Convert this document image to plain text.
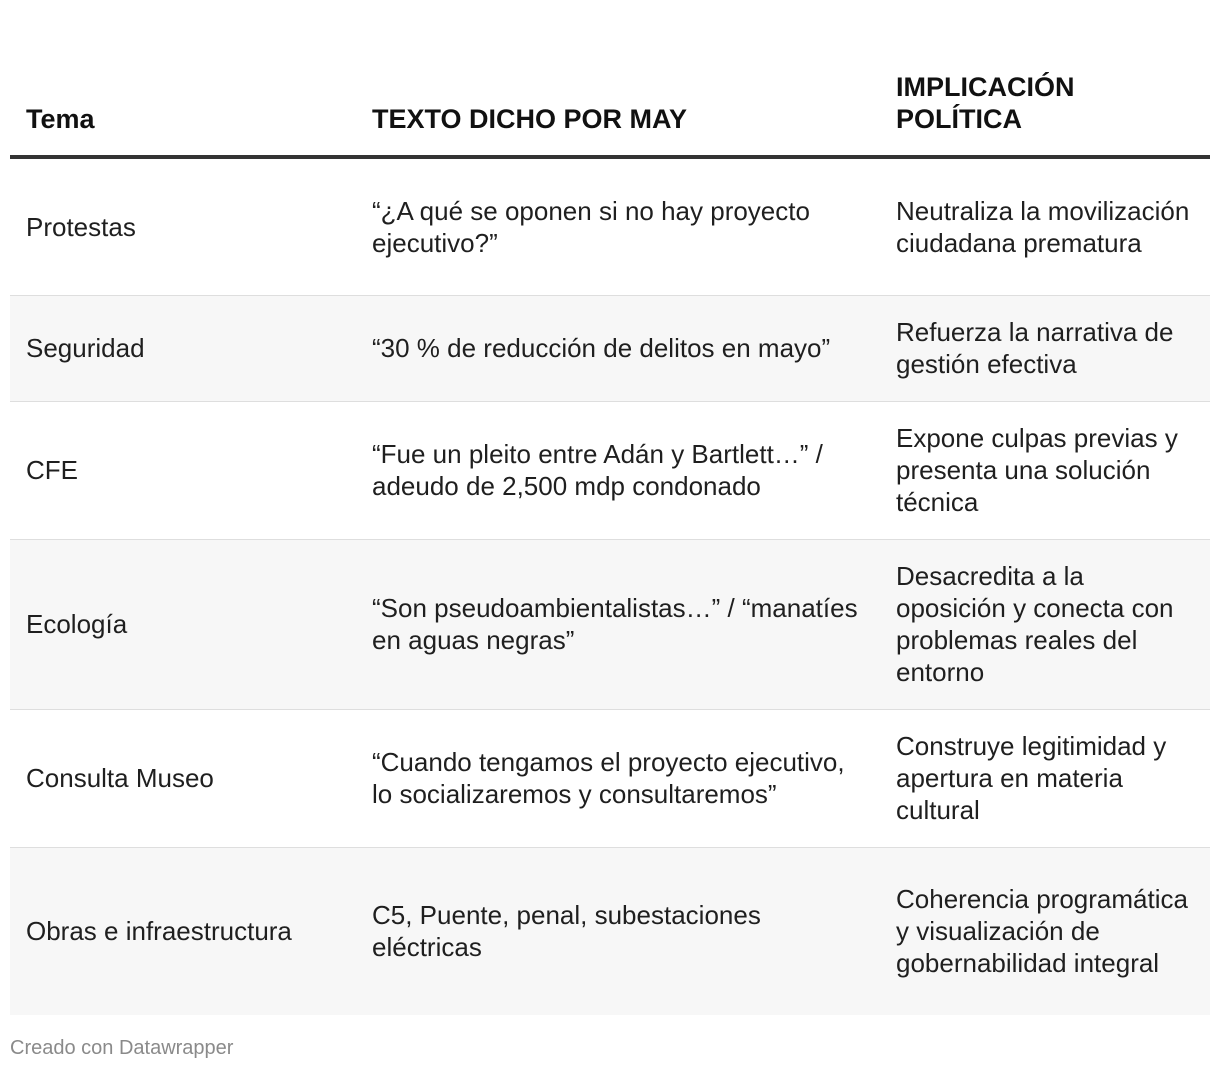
Tema	TEXTO DICHO POR MAY	IMPLICACIÓN POLÍTICA
Protestas	“¿A qué se oponen si no hay proyecto ejecutivo?”	Neutraliza la movilización ciudadana prematura
Seguridad	“30 % de reducción de delitos en mayo”	Refuerza la narrativa de gestión efectiva
CFE	“Fue un pleito entre Adán y Bartlett…” / adeudo de 2,500 mdp condonado	Expone culpas previas y presenta una solución técnica
Ecología	“Son pseudoambientalistas…” / “manatíes en aguas negras”	Desacredita a la oposición y conecta con problemas reales del entorno
Consulta Museo	“Cuando tengamos el proyecto ejecutivo, lo socializaremos y consultaremos”	Construye legitimidad y apertura en materia cultural
Obras e infraestructura	C5, Puente, penal, subestaciones eléctricas	Coherencia programática y visualización de gobernabilidad integral
Creado con Datawrapper
